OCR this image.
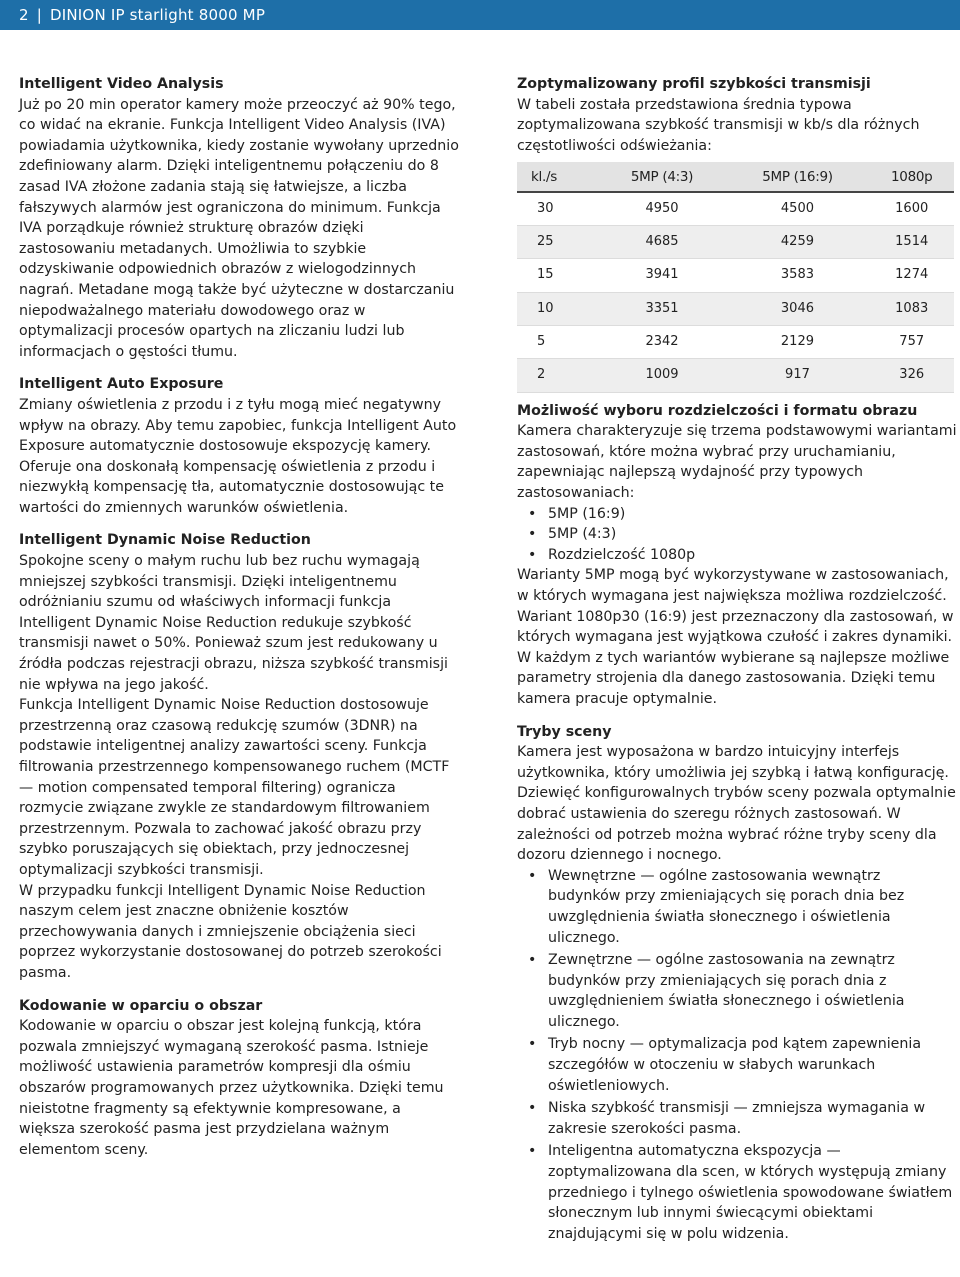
2 | DINION IP starlight 8000 MP
Intelligent Video Analysis

Już po 20 min operator kamery może przeoczyć aż 90% tego, co widać na ekranie. Funkcja Intelligent Video Analysis (IVA) powiadamia użytkownika, kiedy zostanie wywołany uprzednio zdefiniowany alarm. Dzięki inteligentnemu połączeniu do 8 zasad IVA złożone zadania stają się łatwiejsze, a liczba fałszywych alarmów jest ograniczona do minimum. Funkcja IVA porządkuje również strukturę obrazów dzięki zastosowaniu metadanych. Umożliwia to szybkie odzyskiwanie odpowiednich obrazów z wielogodzinnych nagrań. Metadane mogą także być użyteczne w dostarczaniu niepodważalnego materiału dowodowego oraz w optymalizacji procesów opartych na zliczaniu ludzi lub informacjach o gęstości tłumu.

Intelligent Auto Exposure

Zmiany oświetlenia z przodu i z tyłu mogą mieć negatywny wpływ na obrazy. Aby temu zapobiec, funkcja Intelligent Auto Exposure automatycznie dostosowuje ekspozycję kamery. Oferuje ona doskonałą kompensację oświetlenia z przodu i niezwykłą kompensację tła, automatycznie dostosowując te wartości do zmiennych warunków oświetlenia.

Intelligent Dynamic Noise Reduction

Spokojne sceny o małym ruchu lub bez ruchu wymagają mniejszej szybkości transmisji. Dzięki inteligentnemu odróżnianiu szumu od właściwych informacji funkcja Intelligent Dynamic Noise Reduction redukuje szybkość transmisji nawet o 50%. Ponieważ szum jest redukowany u źródła podczas rejestracji obrazu, niższa szybkość transmisji nie wpływa na jego jakość.

Funkcja Intelligent Dynamic Noise Reduction dostosowuje przestrzenną oraz czasową redukcję szumów (3DNR) na podstawie inteligentnej analizy zawartości sceny. Funkcja filtrowania przestrzennego kompensowanego ruchem (MCTF — motion compensated temporal filtering) ogranicza rozmycie związane zwykle ze standardowym filtrowaniem przestrzennym. Pozwala to zachować jakość obrazu przy szybko poruszających się obiektach, przy jednoczesnej optymalizacji szybkości transmisji.

W przypadku funkcji Intelligent Dynamic Noise Reduction naszym celem jest znaczne obniżenie kosztów przechowywania danych i zmniejszenie obciążenia sieci poprzez wykorzystanie dostosowanej do potrzeb szerokości pasma.

Kodowanie w oparciu o obszar

Kodowanie w oparciu o obszar jest kolejną funkcją, która pozwala zmniejszyć wymaganą szerokość pasma. Istnieje możliwość ustawienia parametrów kompresji dla ośmiu obszarów programowanych przez użytkownika. Dzięki temu nieistotne fragmenty są efektywnie kompresowane, a większa szerokość pasma jest przydzielana ważnym elementom sceny.

Zoptymalizowany profil szybkości transmisji

W tabeli została przedstawiona średnia typowa zoptymalizowana szybkość transmisji w kb/s dla różnych częstotliwości odświeżania:

kl./s	5MP (4:3)	5MP (16:9)	1080p
30	4950	4500	1600
25	4685	4259	1514
15	3941	3583	1274
10	3351	3046	1083
5	2342	2129	757
2	1009	917	326
Możliwość wyboru rozdzielczości i formatu obrazu

Kamera charakteryzuje się trzema podstawowymi wariantami zastosowań, które można wybrać przy uruchamianiu, zapewniając najlepszą wydajność przy typowych zastosowaniach:

• 5MP (16:9)
• 5MP (4:3)
• Rozdzielczość 1080p

Warianty 5MP mogą być wykorzystywane w zastosowaniach, w których wymagana jest największa możliwa rozdzielczość. Wariant 1080p30 (16:9) jest przeznaczony dla zastosowań, w których wymagana jest wyjątkowa czułość i zakres dynamiki.

W każdym z tych wariantów wybierane są najlepsze możliwe parametry strojenia dla danego zastosowania. Dzięki temu kamera pracuje optymalnie.

Tryby sceny

Kamera jest wyposażona w bardzo intuicyjny interfejs użytkownika, który umożliwia jej szybką i łatwą konfigurację. Dziewięć konfigurowalnych trybów sceny pozwala optymalnie dobrać ustawienia do szeregu różnych zastosowań. W zależności od potrzeb można wybrać różne tryby sceny dla dozoru dziennego i nocnego.

• Wewnętrzne — ogólne zastosowania wewnątrz budynków przy zmieniających się porach dnia bez uwzględnienia światła słonecznego i oświetlenia ulicznego.
• Zewnętrzne — ogólne zastosowania na zewnątrz budynków przy zmieniających się porach dnia z uwzględnieniem światła słonecznego i oświetlenia ulicznego.
• Tryb nocny — optymalizacja pod kątem zapewnienia szczegółów w otoczeniu w słabych warunkach oświetleniowych.
• Niska szybkość transmisji — zmniejsza wymagania w zakresie szerokości pasma.
• Inteligentna automatyczna ekspozycja — zoptymalizowana dla scen, w których występują zmiany przedniego i tylnego oświetlenia spowodowane światłem słonecznym lub innymi świecącymi obiektami znajdującymi się w polu widzenia.
